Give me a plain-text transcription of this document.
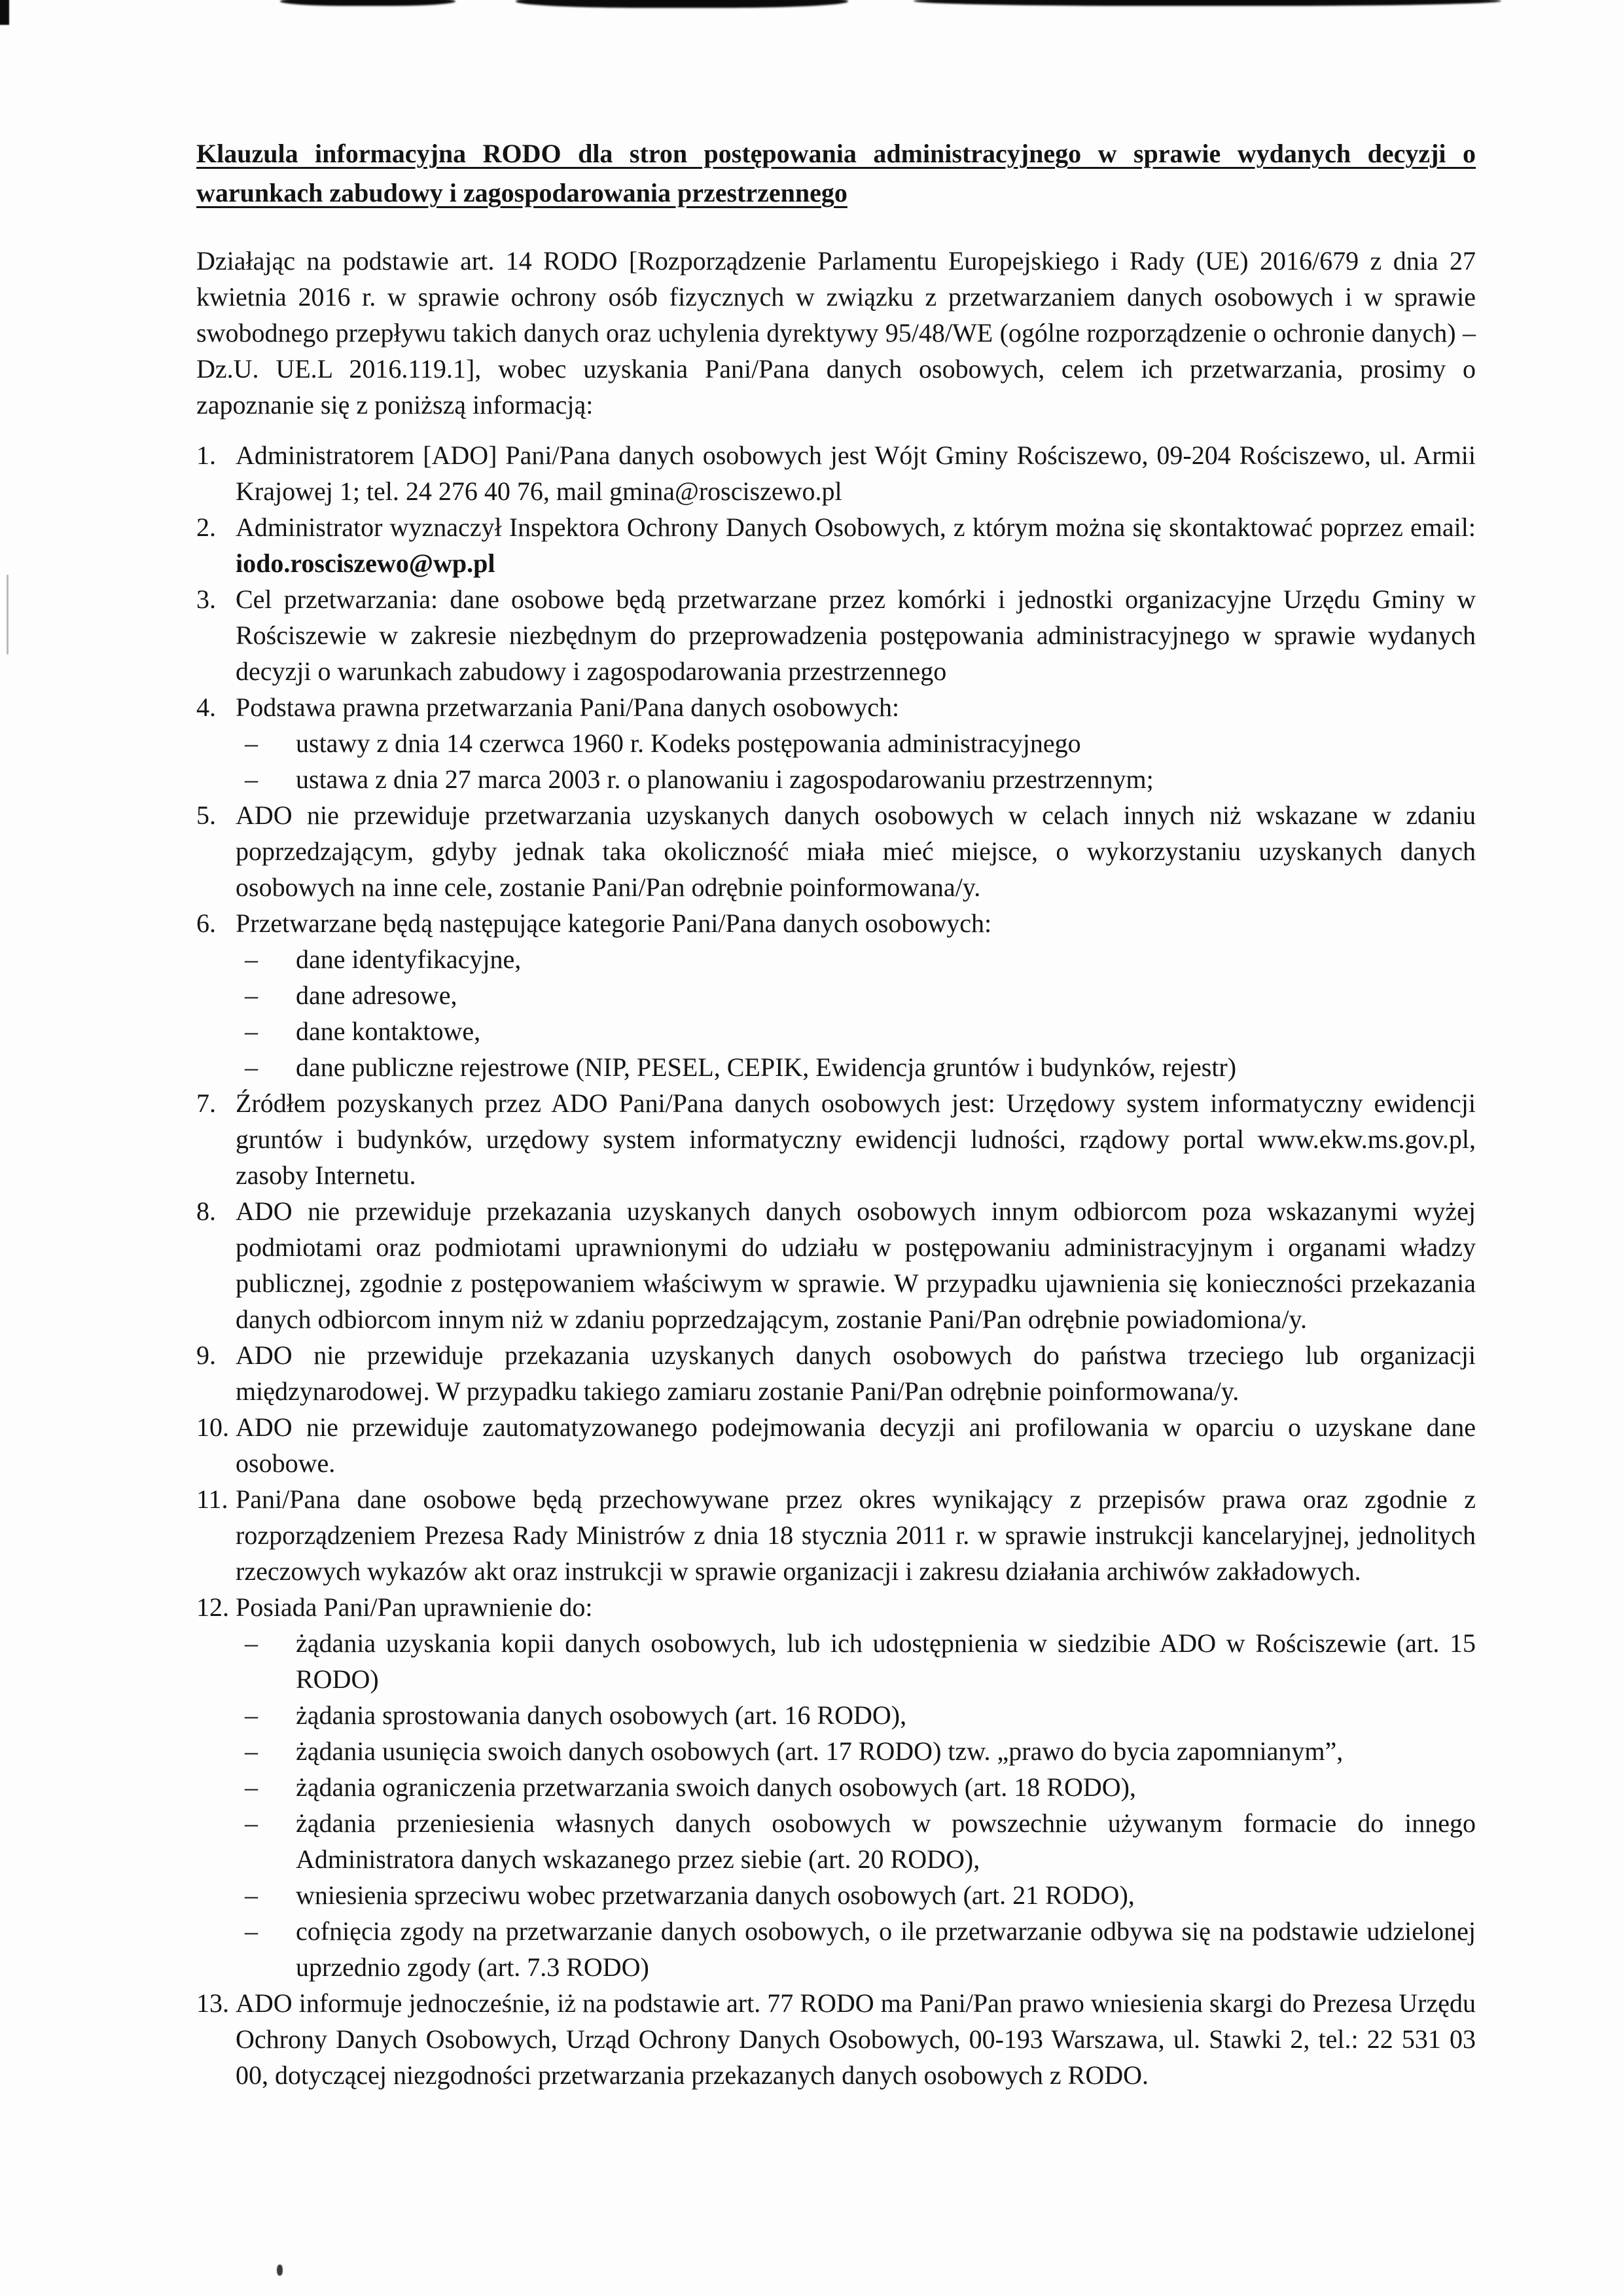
Klauzula informacyjna RODO dla stron postępowania administracyjnego w sprawie wydanych decyzji o warunkach zabudowy i zagospodarowania przestrzennego

Działając na podstawie art. 14 RODO [Rozporządzenie Parlamentu Europejskiego i Rady (UE) 2016/679 z dnia 27 kwietnia 2016 r. w sprawie ochrony osób fizycznych w związku z przetwarzaniem danych osobowych i w sprawie swobodnego przepływu takich danych oraz uchylenia dyrektywy 95/48/WE (ogólne rozporządzenie o ochronie danych) – Dz.U. UE.L 2016.119.1], wobec uzyskania Pani/Pana danych osobowych, celem ich przetwarzania, prosimy o zapoznanie się z poniższą informacją:

1. Administratorem [ADO] Pani/Pana danych osobowych jest Wójt Gminy Rościszewo, 09-204 Rościszewo, ul. Armii Krajowej 1; tel. 24 276 40 76, mail gmina@rosciszewo.pl
2. Administrator wyznaczył Inspektora Ochrony Danych Osobowych, z którym można się skontaktować poprzez email: iodo.rosciszewo@wp.pl
3. Cel przetwarzania: dane osobowe będą przetwarzane przez komórki i jednostki organizacyjne Urzędu Gminy w Rościszewie w zakresie niezbędnym do przeprowadzenia postępowania administracyjnego w sprawie wydanych decyzji o warunkach zabudowy i zagospodarowania przestrzennego
4. Podstawa prawna przetwarzania Pani/Pana danych osobowych:
– ustawy z dnia 14 czerwca 1960 r. Kodeks postępowania administracyjnego
– ustawa z dnia 27 marca 2003 r. o planowaniu i zagospodarowaniu przestrzennym;
5. ADO nie przewiduje przetwarzania uzyskanych danych osobowych w celach innych niż wskazane w zdaniu poprzedzającym, gdyby jednak taka okoliczność miała mieć miejsce, o wykorzystaniu uzyskanych danych osobowych na inne cele, zostanie Pani/Pan odrębnie poinformowana/y.
6. Przetwarzane będą następujące kategorie Pani/Pana danych osobowych:
– dane identyfikacyjne,
– dane adresowe,
– dane kontaktowe,
– dane publiczne rejestrowe (NIP, PESEL, CEPIK, Ewidencja gruntów i budynków, rejestr)
7. Źródłem pozyskanych przez ADO Pani/Pana danych osobowych jest: Urzędowy system informatyczny ewidencji gruntów i budynków, urzędowy system informatyczny ewidencji ludności, rządowy portal www.ekw.ms.gov.pl, zasoby Internetu.
8. ADO nie przewiduje przekazania uzyskanych danych osobowych innym odbiorcom poza wskazanymi wyżej podmiotami oraz podmiotami uprawnionymi do udziału w postępowaniu administracyjnym i organami władzy publicznej, zgodnie z postępowaniem właściwym w sprawie. W przypadku ujawnienia się konieczności przekazania danych odbiorcom innym niż w zdaniu poprzedzającym, zostanie Pani/Pan odrębnie powiadomiona/y.
9. ADO nie przewiduje przekazania uzyskanych danych osobowych do państwa trzeciego lub organizacji międzynarodowej. W przypadku takiego zamiaru zostanie Pani/Pan odrębnie poinformowana/y.
10. ADO nie przewiduje zautomatyzowanego podejmowania decyzji ani profilowania w oparciu o uzyskane dane osobowe.
11. Pani/Pana dane osobowe będą przechowywane przez okres wynikający z przepisów prawa oraz zgodnie z rozporządzeniem Prezesa Rady Ministrów z dnia 18 stycznia 2011 r. w sprawie instrukcji kancelaryjnej, jednolitych rzeczowych wykazów akt oraz instrukcji w sprawie organizacji i zakresu działania archiwów zakładowych.
12. Posiada Pani/Pan uprawnienie do:
– żądania uzyskania kopii danych osobowych, lub ich udostępnienia w siedzibie ADO w Rościszewie (art. 15 RODO)
– żądania sprostowania danych osobowych (art. 16 RODO),
– żądania usunięcia swoich danych osobowych (art. 17 RODO) tzw. „prawo do bycia zapomnianym”,
– żądania ograniczenia przetwarzania swoich danych osobowych (art. 18 RODO),
– żądania przeniesienia własnych danych osobowych w powszechnie używanym formacie do innego Administratora danych wskazanego przez siebie (art. 20 RODO),
– wniesienia sprzeciwu wobec przetwarzania danych osobowych (art. 21 RODO),
– cofnięcia zgody na przetwarzanie danych osobowych, o ile przetwarzanie odbywa się na podstawie udzielonej uprzednio zgody (art. 7.3 RODO)
13. ADO informuje jednocześnie, iż na podstawie art. 77 RODO ma Pani/Pan prawo wniesienia skargi do Prezesa Urzędu Ochrony Danych Osobowych, Urząd Ochrony Danych Osobowych, 00-193 Warszawa, ul. Stawki 2, tel.: 22 531 03 00, dotyczącej niezgodności przetwarzania przekazanych danych osobowych z RODO.
